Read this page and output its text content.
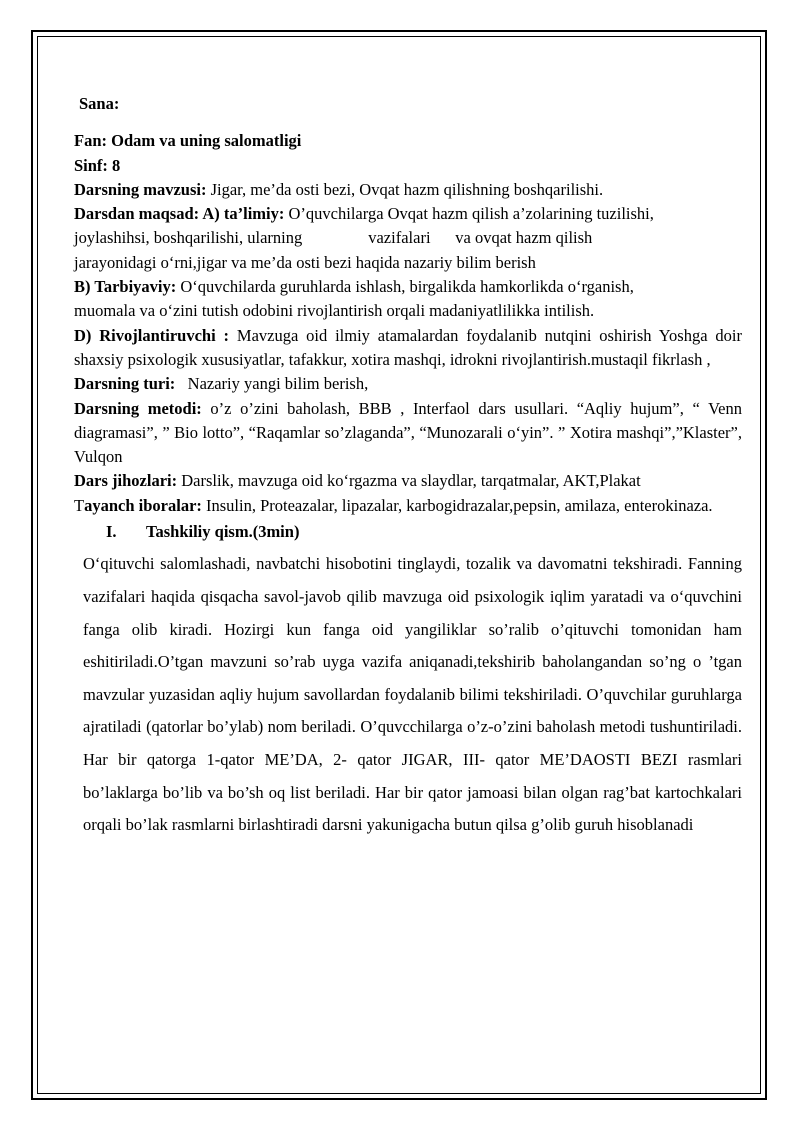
Sana:
Fan: Odam va uning salomatligi
Sinf: 8
Darsning mavzusi: Jigar, me’da osti bezi, Ovqat hazm qilishning boshqarilishi.
Darsdan maqsad: A) ta’limiy: O’quvchilarga Ovqat hazm qilish a’zolarining tuzilishi,
joylashihsi, boshqarilishi, ularning                vazifalari      va ovqat hazm qilish
jarayonidagi o‘rni,jigar va me’da osti bezi haqida nazariy bilim berish
B) Tarbiyaviy: O‘quvchilarda guruhlarda ishlash, birgalikda hamkorlikda o‘rganish,
muomala va o‘zini tutish odobini rivojlantirish orqali madaniyatlilikka intilish.
D) Rivojlantiruvchi : Mavzuga oid ilmiy atamalardan foydalanib nutqini oshirish Yoshga doir shaxsiy psixologik xususiyatlar, tafakkur, xotira mashqi, idrokni rivojlantirish.mustaqil fikrlash ,
Darsning turi:   Nazariy yangi bilim berish,
Darsning metodi: o’z o’zini baholash, BBB , Interfaol dars usullari. “Aqliy hujum”, “ Venn diagramasi”, ” Bio lotto”, “Raqamlar so’zlaganda”, “Munozarali o‘yin”. ” Xotira mashqi”,”Klaster”, Vulqon
Dars jihozlari: Darslik, mavzuga oid ko‘rgazma va slaydlar, tarqatmalar, AKT,Plakat
Tayanch iboralar: Insulin, Proteazalar, lipazalar, karbogidrazalar,pepsin, amilaza, enterokinaza.
I. Tashkiliy qism.(3min)
O‘qituvchi salomlashadi, navbatchi hisobotini tinglaydi, tozalik va davomatni tekshiradi. Fanning vazifalari haqida qisqacha savol-javob qilib mavzuga oid psixologik iqlim yaratadi va o‘quvchini fanga olib kiradi. Hozirgi kun fanga oid yangiliklar so’ralib o’qituvchi tomonidan ham eshitiriladi.O’tgan mavzuni so’rab uyga vazifa aniqanadi,tekshirib baholangandan so’ng o ’tgan mavzular yuzasidan aqliy hujum savollardan foydalanib bilimi tekshiriladi. O’quvchilar guruhlarga ajratiladi (qatorlar bo’ylab) nom beriladi. O’quvcchilarga o’z-o’zini baholash metodi tushuntiriladi. Har bir qatorga 1-qator ME’DA, 2- qator JIGAR, III- qator ME’DAOSTI BEZI rasmlari bo’laklarga bo’lib va bo’sh oq list beriladi. Har bir qator jamoasi bilan olgan rag’bat kartochkalari orqali bo’lak rasmlarni birlashtiradi darsni yakunigacha butun qilsa g’olib guruh hisoblanadi
